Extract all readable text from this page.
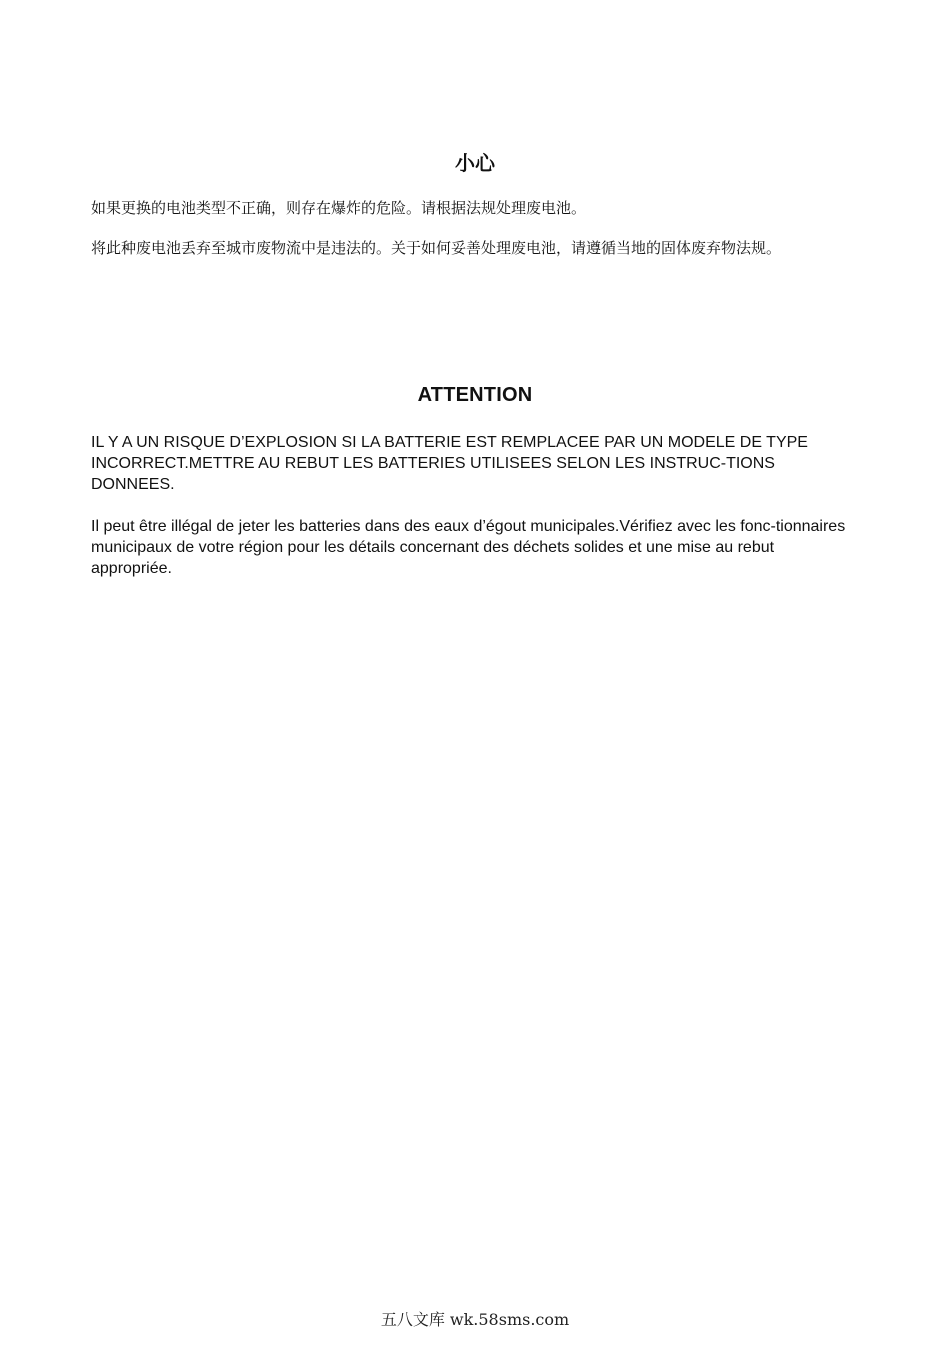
小心

如果更换的电池类型不正确，则存在爆炸的危险。请根据法规处理废电池。

将此种废电池丢弃至城市废物流中是违法的。关于如何妥善处理废电池，请遵循当地的固体废弃物法规。

ATTENTION

IL Y A UN RISQUE D’EXPLOSION SI LA BATTERIE EST REMPLACEE PAR UN MODELE DE TYPE INCORRECT.METTRE AU REBUT LES BATTERIES UTILISEES SELON LES INSTRUC-TIONS DONNEES.

Il peut être illégal de jeter les batteries dans des eaux d’égout municipales.Vérifiez avec les fonc-tionnaires municipaux de votre région pour les détails concernant des déchets solides et une mise au rebut appropriée.

五八文库 wk.58sms.com
